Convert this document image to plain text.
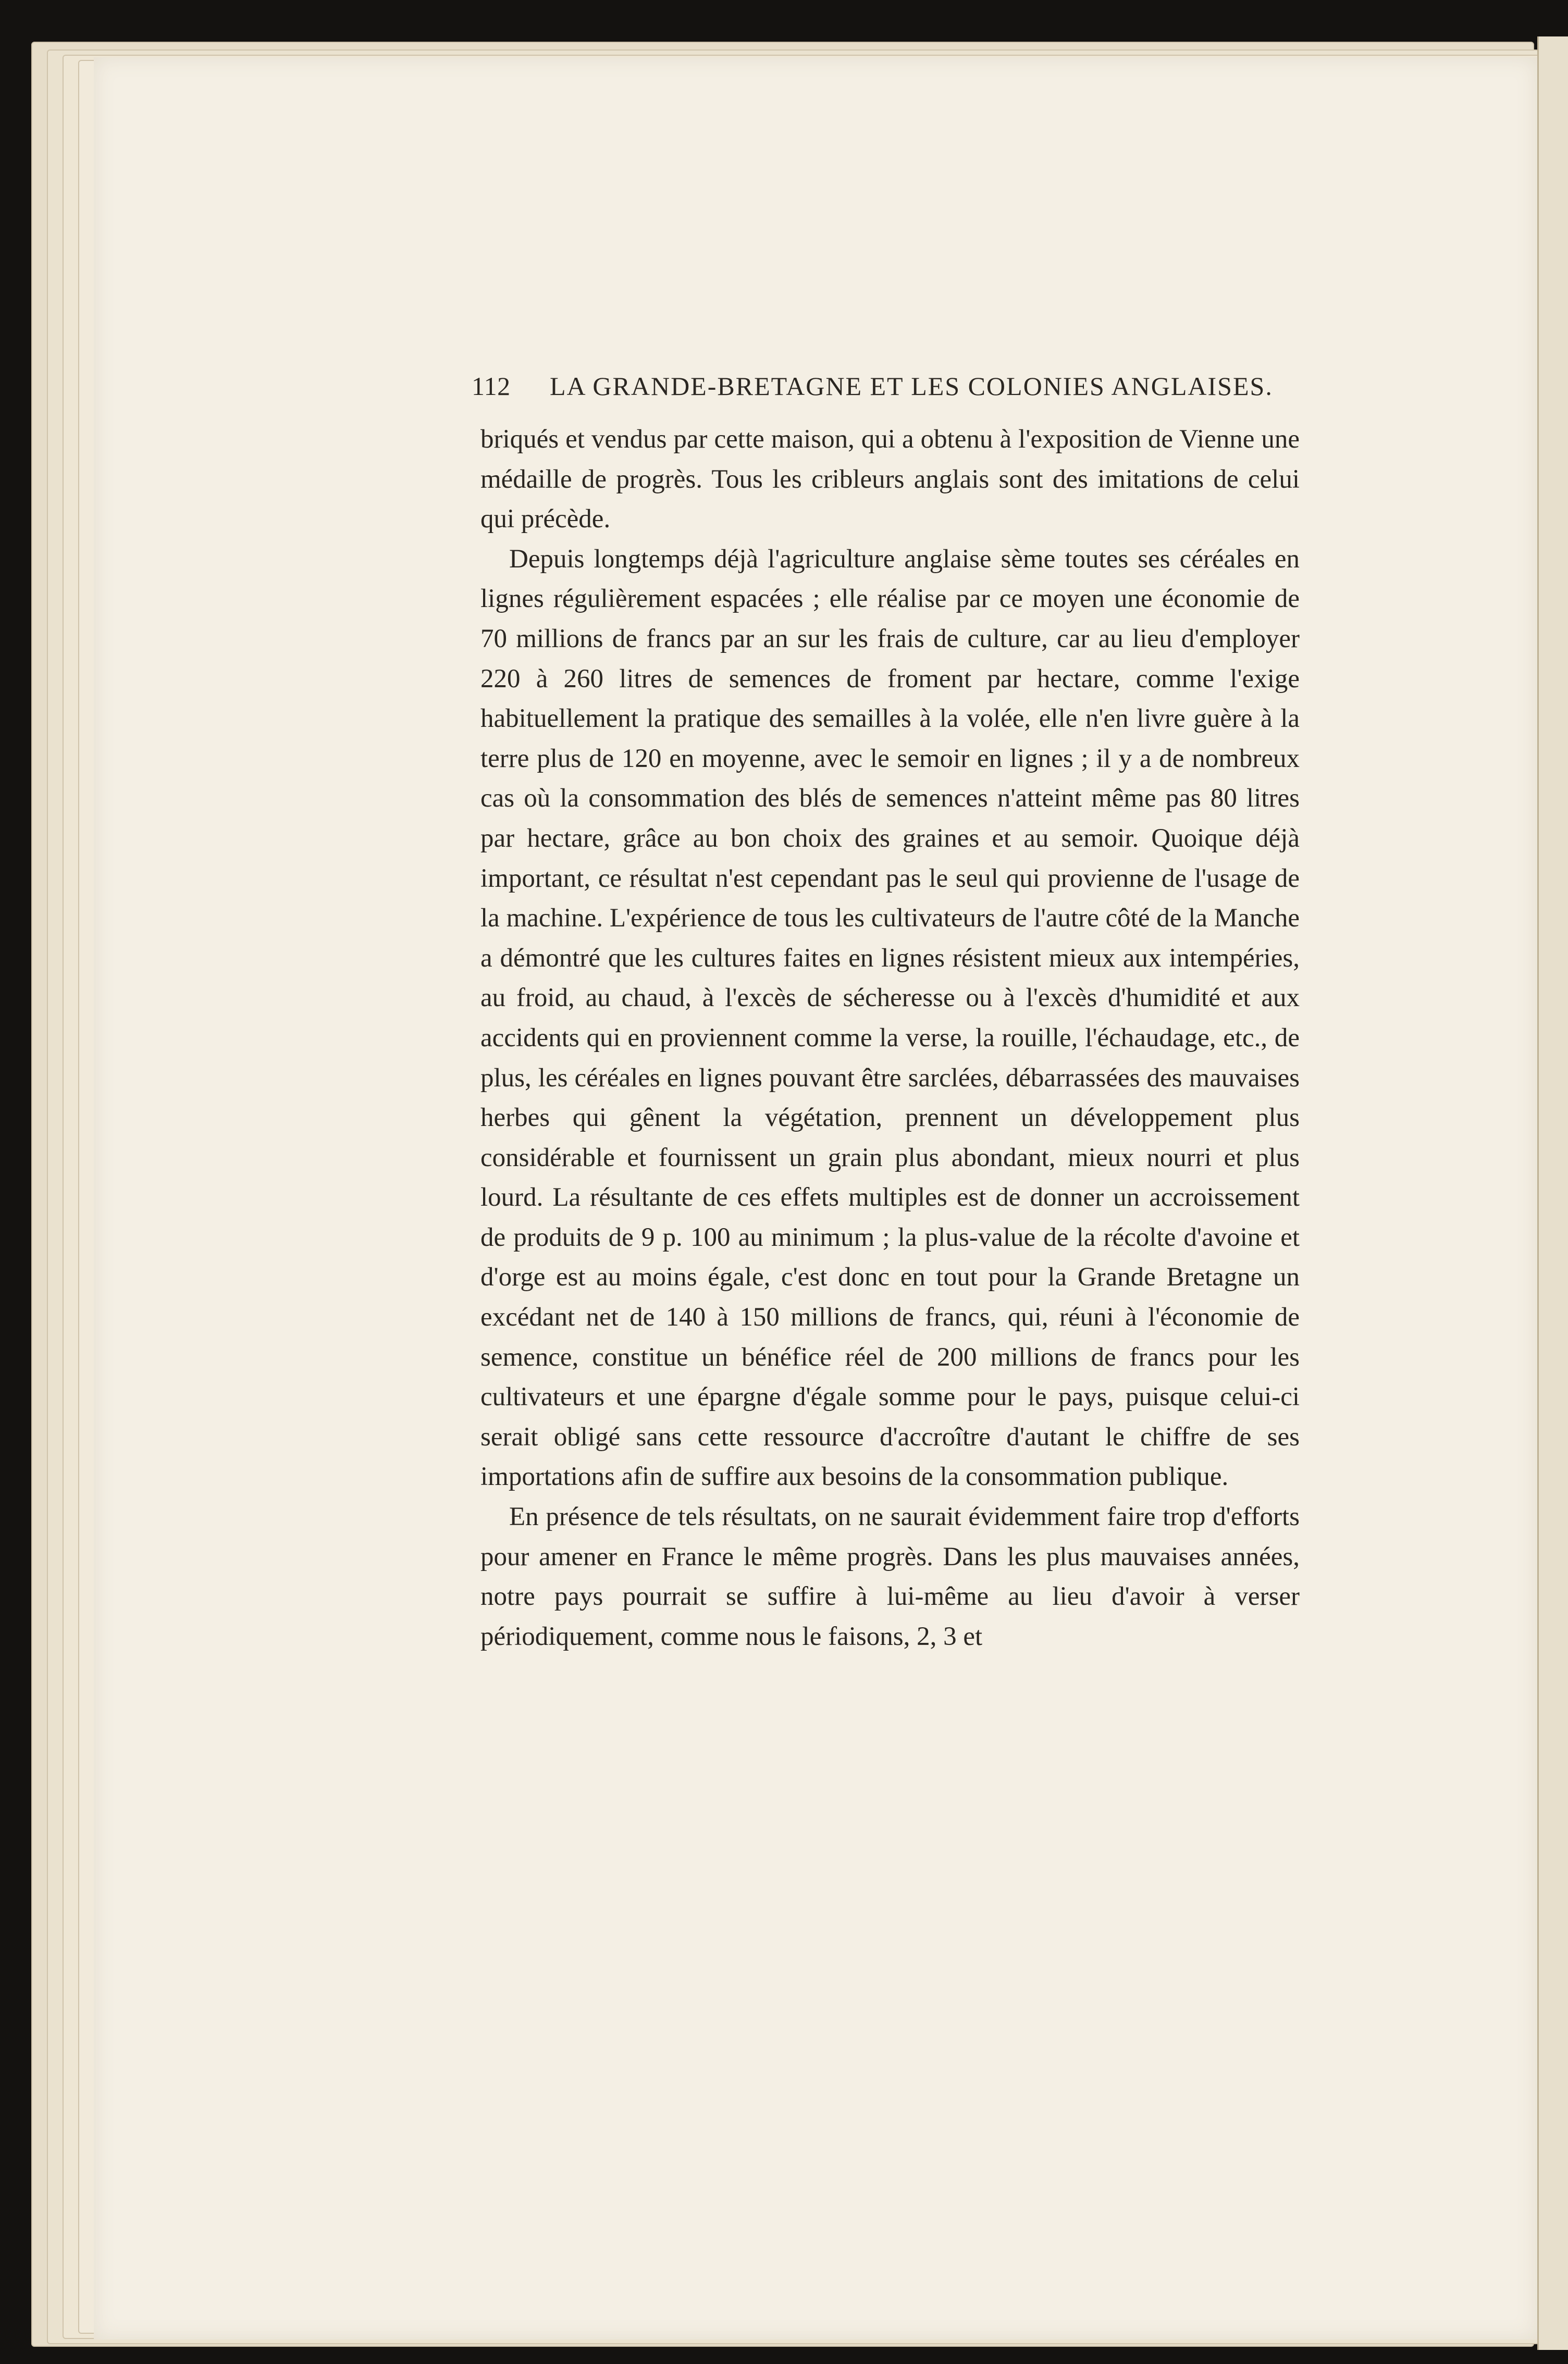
112 LA GRANDE-BRETAGNE ET LES COLONIES ANGLAISES.

briqués et vendus par cette maison, qui a obtenu à l'exposition de Vienne une médaille de progrès. Tous les cribleurs anglais sont des imitations de celui qui précède.

Depuis longtemps déjà l'agriculture anglaise sème toutes ses céréales en lignes régulièrement espacées ; elle réalise par ce moyen une économie de 70 millions de francs par an sur les frais de culture, car au lieu d'employer 220 à 260 litres de semences de froment par hectare, comme l'exige habituellement la pratique des semailles à la volée, elle n'en livre guère à la terre plus de 120 en moyenne, avec le semoir en lignes ; il y a de nombreux cas où la consommation des blés de semences n'atteint même pas 80 litres par hectare, grâce au bon choix des graines et au semoir. Quoique déjà important, ce résultat n'est cependant pas le seul qui provienne de l'usage de la machine. L'expérience de tous les cultivateurs de l'autre côté de la Manche a démontré que les cultures faites en lignes résistent mieux aux intempéries, au froid, au chaud, à l'excès de sécheresse ou à l'excès d'humidité et aux accidents qui en proviennent comme la verse, la rouille, l'échaudage, etc., de plus, les céréales en lignes pouvant être sarclées, débarrassées des mauvaises herbes qui gênent la végétation, prennent un développement plus considérable et fournissent un grain plus abondant, mieux nourri et plus lourd. La résultante de ces effets multiples est de donner un accroissement de produits de 9 p. 100 au minimum ; la plus-value de la récolte d'avoine et d'orge est au moins égale, c'est donc en tout pour la Grande Bretagne un excédant net de 140 à 150 millions de francs, qui, réuni à l'économie de semence, constitue un bénéfice réel de 200 millions de francs pour les cultivateurs et une épargne d'égale somme pour le pays, puisque celui-ci serait obligé sans cette ressource d'accroître d'autant le chiffre de ses importations afin de suffire aux besoins de la consommation publique.

En présence de tels résultats, on ne saurait évidemment faire trop d'efforts pour amener en France le même progrès. Dans les plus mauvaises années, notre pays pourrait se suffire à lui-même au lieu d'avoir à verser périodiquement, comme nous le faisons, 2, 3 et
